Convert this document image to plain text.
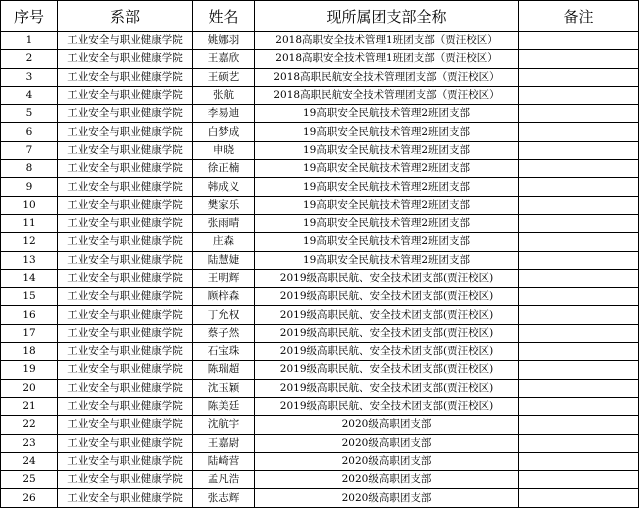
序号	系部	姓名	现所属团支部全称	备注
1	工业安全与职业健康学院	姚娜羽	2018高职安全技术管理1班团支部（贾汪校区）	
2	工业安全与职业健康学院	王嘉欣	2018高职安全技术管理1班团支部（贾汪校区）	
3	工业安全与职业健康学院	王硕艺	2018高职民航安全技术管理团支部（贾汪校区）	
4	工业安全与职业健康学院	张航	2018高职民航安全技术管理团支部（贾汪校区）	
5	工业安全与职业健康学院	李易迪	19高职安全民航技术管理2班团支部	
6	工业安全与职业健康学院	白梦成	19高职安全民航技术管理2班团支部	
7	工业安全与职业健康学院	申晓	19高职安全民航技术管理2班团支部	
8	工业安全与职业健康学院	徐正楠	19高职安全民航技术管理2班团支部	
9	工业安全与职业健康学院	韩成义	19高职安全民航技术管理2班团支部	
10	工业安全与职业健康学院	樊家乐	19高职安全民航技术管理2班团支部	
11	工业安全与职业健康学院	张雨晴	19高职安全民航技术管理2班团支部	
12	工业安全与职业健康学院	庄森	19高职安全民航技术管理2班团支部	
13	工业安全与职业健康学院	陆慧婕	19高职安全民航技术管理2班团支部	
14	工业安全与职业健康学院	王明辉	2019级高职民航、安全技术团支部(贾汪校区)	
15	工业安全与职业健康学院	顾梓森	2019级高职民航、安全技术团支部(贾汪校区)	
16	工业安全与职业健康学院	丁允权	2019级高职民航、安全技术团支部(贾汪校区)	
17	工业安全与职业健康学院	蔡子然	2019级高职民航、安全技术团支部(贾汪校区)	
18	工业安全与职业健康学院	石宝珠	2019级高职民航、安全技术团支部(贾汪校区)	
19	工业安全与职业健康学院	陈瑞超	2019级高职民航、安全技术团支部(贾汪校区)	
20	工业安全与职业健康学院	沈玉颖	2019级高职民航、安全技术团支部(贾汪校区)	
21	工业安全与职业健康学院	陈美廷	2019级高职民航、安全技术团支部(贾汪校区)	
22	工业安全与职业健康学院	沈航宇	2020级高职团支部	
23	工业安全与职业健康学院	王嘉尉	2020级高职团支部	
24	工业安全与职业健康学院	陆崎营	2020级高职团支部	
25	工业安全与职业健康学院	孟凡浩	2020级高职团支部	
26	工业安全与职业健康学院	张志辉	2020级高职团支部	
